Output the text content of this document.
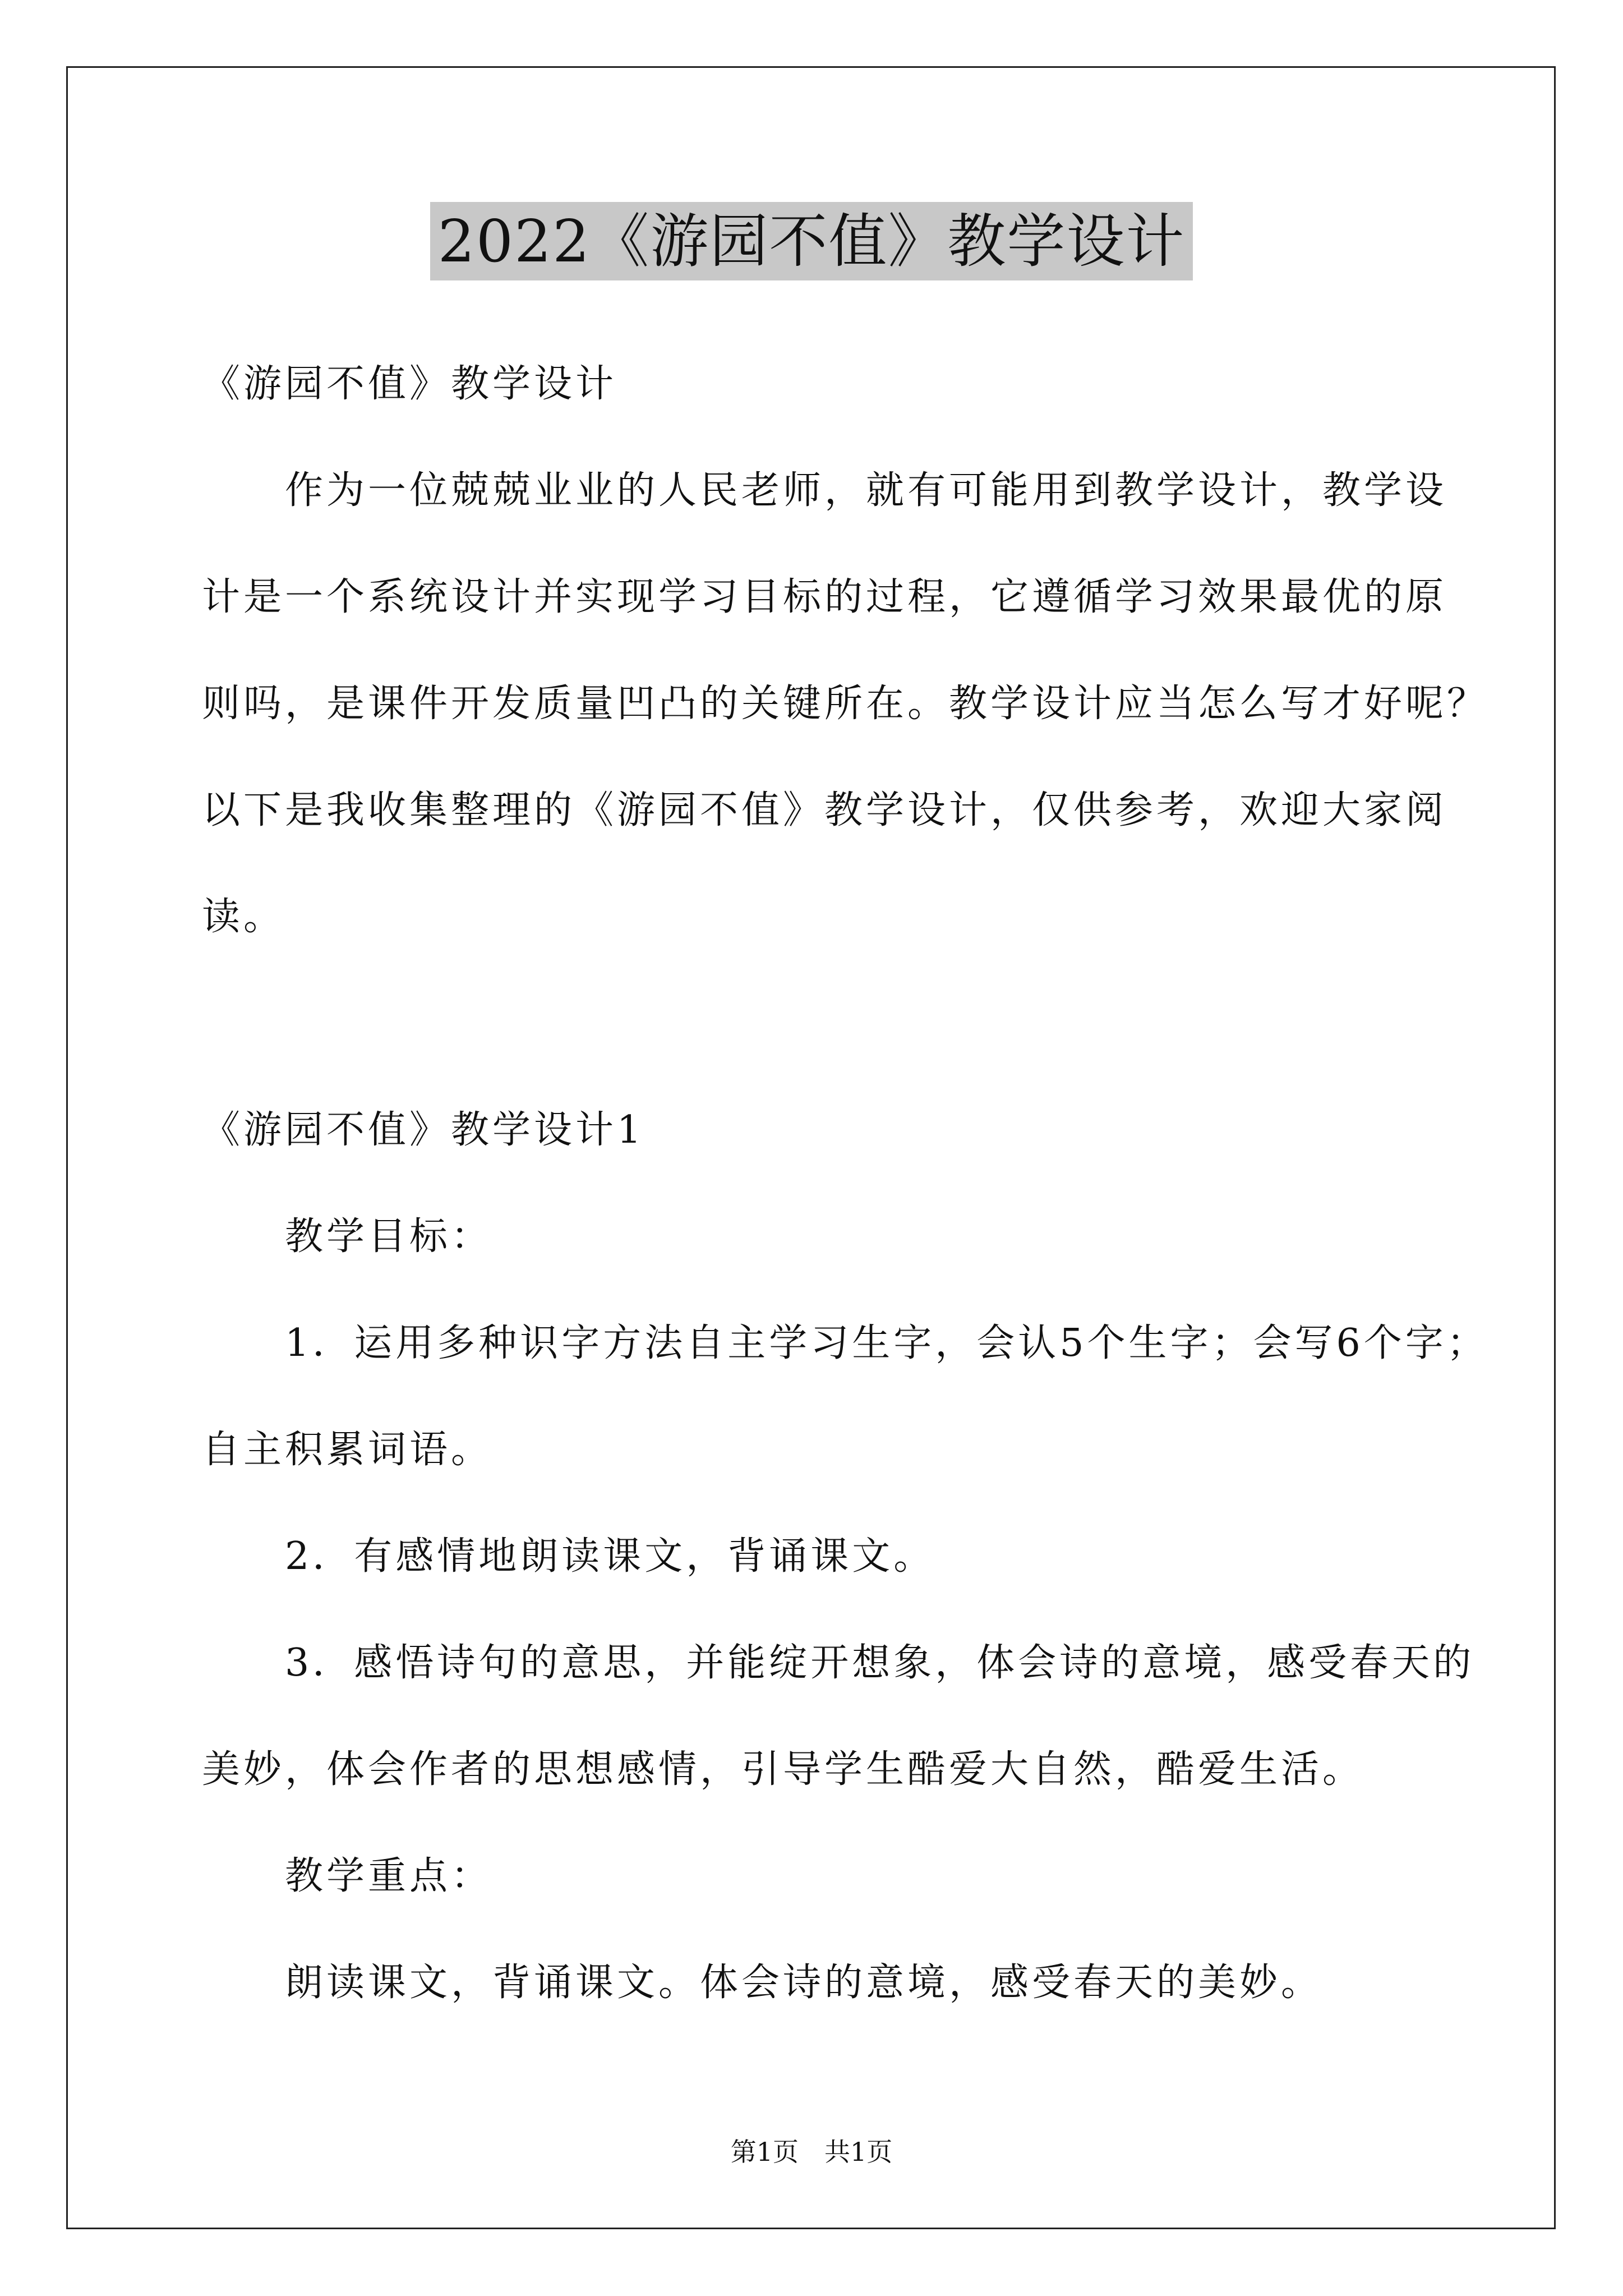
2022《游园不值》教学设计
《游园不值》教学设计
　　作为一位兢兢业业的人民老师，就有可能用到教学设计，教学设
计是一个系统设计并实现学习目标的过程，它遵循学习效果最优的原
则吗，是课件开发质量凹凸的关键所在。教学设计应当怎么写才好呢？
以下是我收集整理的《游园不值》教学设计，仅供参考，欢迎大家阅
读。
《游园不值》教学设计1
　　教学目标：
　　1．运用多种识字方法自主学习生字，会认5个生字；会写6个字；
自主积累词语。
　　2．有感情地朗读课文，背诵课文。
　　3．感悟诗句的意思，并能绽开想象，体会诗的意境，感受春天的
美妙，体会作者的思想感情，引导学生酷爱大自然，酷爱生活。
　　教学重点：
　　朗读课文，背诵课文。体会诗的意境，感受春天的美妙。
第1页　共1页
